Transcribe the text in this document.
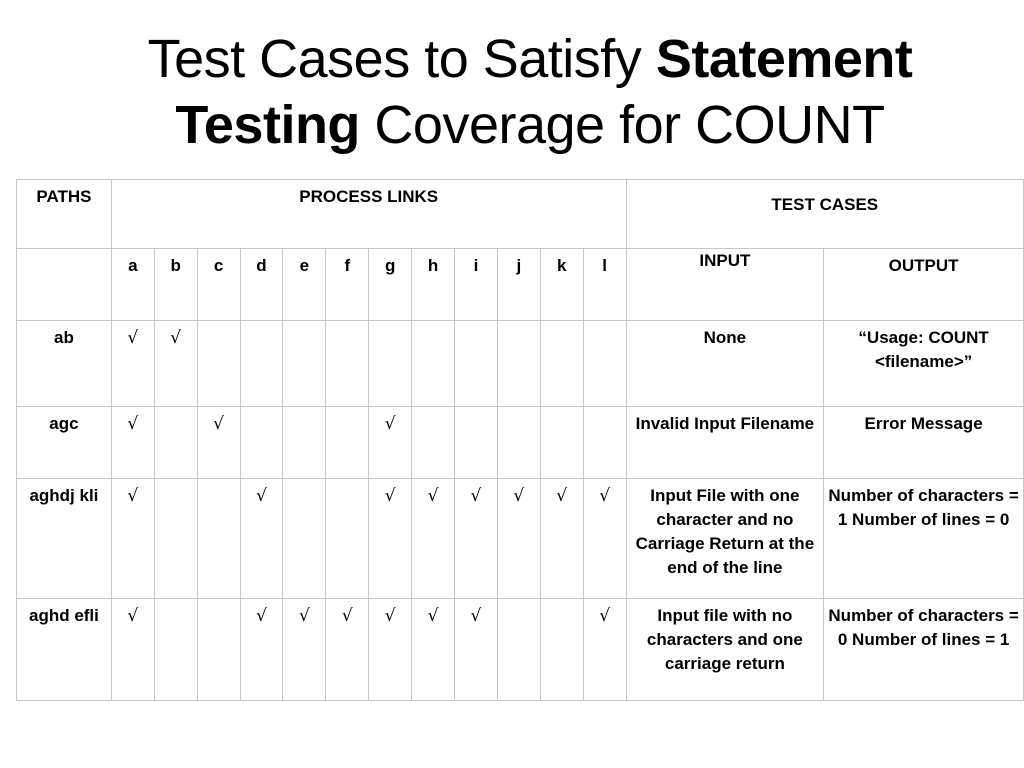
Test Cases to Satisfy Statement
Testing Coverage for COUNT
PATHS	PROCESS LINKS												TEST CASES	
	a	b	c	d	e	f	g	h	i	j	k	l	INPUT	OUTPUT
ab	√	√											None	“Usage: COUNT <filename>”
agc	√		√				√						Invalid Input Filename	Error Message
aghdj kli	√			√			√	√	√	√	√	√	Input File with one character and no Carriage Return at the end of the line	Number of characters = 1 Number of lines = 0
aghd efli	√			√	√	√	√	√	√			√	Input file with no characters and one carriage return	Number of characters = 0 Number of lines = 1
